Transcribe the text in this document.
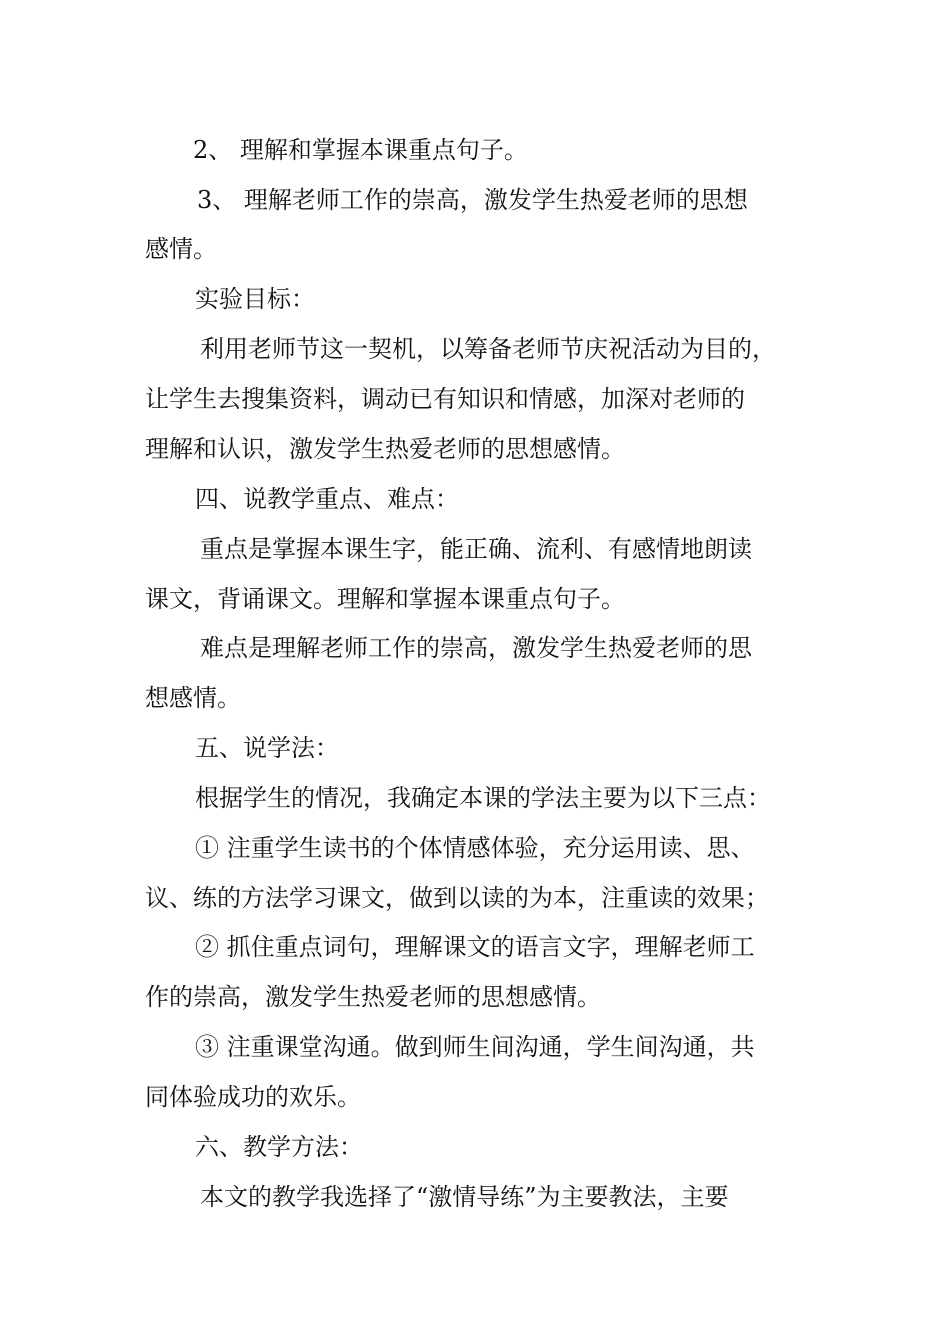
2、 理解和掌握本课重点句子。
3、 理解老师工作的崇高，激发学生热爱老师的思想
感情。
实验目标：
利用老师节这一契机，以筹备老师节庆祝活动为目的，
让学生去搜集资料，调动已有知识和情感，加深对老师的
理解和认识，激发学生热爱老师的思想感情。
四、说教学重点、难点：
重点是掌握本课生字，能正确、流利、有感情地朗读
课文，背诵课文。理解和掌握本课重点句子。
难点是理解老师工作的崇高，激发学生热爱老师的思
想感情。
五、说学法：
根据学生的情况，我确定本课的学法主要为以下三点：
① 注重学生读书的个体情感体验，充分运用读、思、
议、练的方法学习课文，做到以读的为本，注重读的效果；
② 抓住重点词句，理解课文的语言文字，理解老师工
作的崇高，激发学生热爱老师的思想感情。
③ 注重课堂沟通。做到师生间沟通，学生间沟通，共
同体验成功的欢乐。
六、教学方法：
本文的教学我选择了“激情导练”为主要教法，主要
